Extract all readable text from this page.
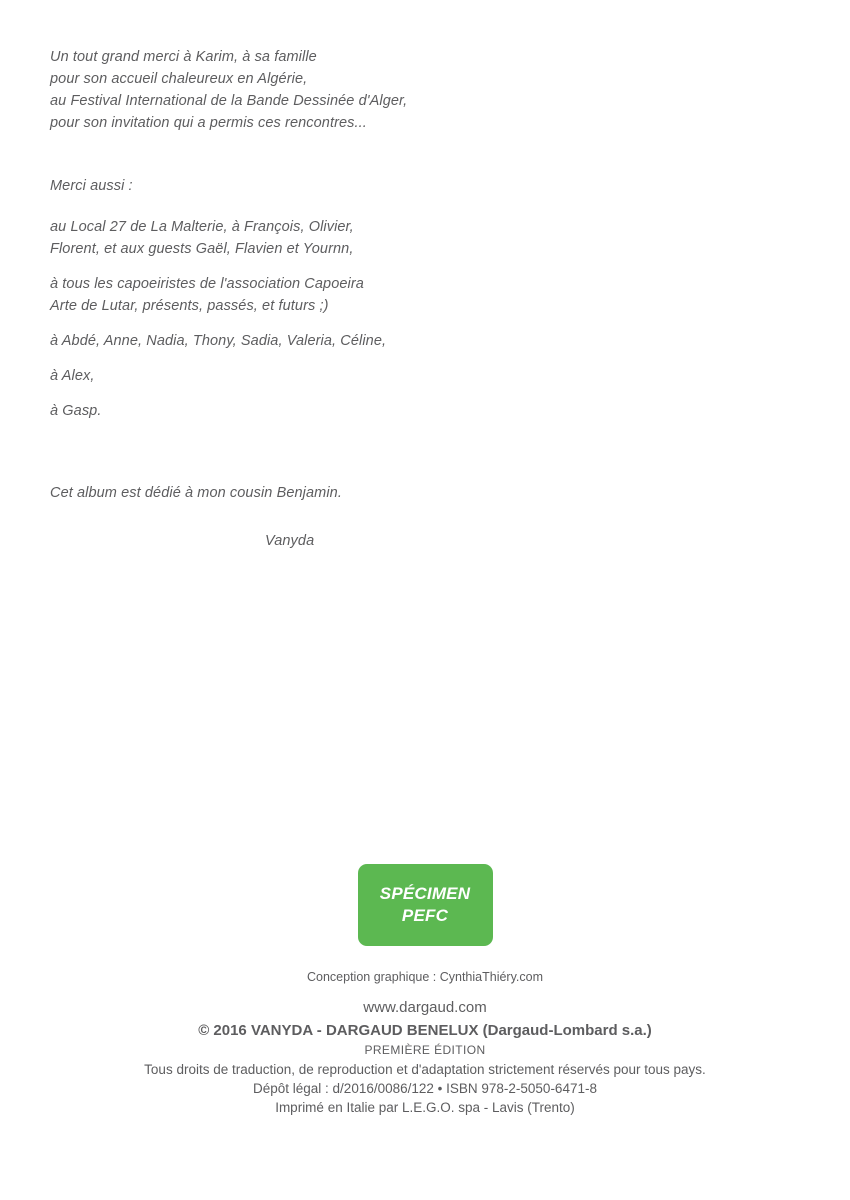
Un tout grand merci à Karim, à sa famille
pour son accueil chaleureux en Algérie,
au Festival International de la Bande Dessinée d'Alger,
pour son invitation qui a permis ces rencontres...
Merci aussi :
au Local 27 de La Malterie, à François, Olivier,
Florent, et aux guests Gaël, Flavien et Yournn,
à tous les capoeiristes de l'association Capoeira
Arte de Lutar, présents, passés, et futurs ;)
à Abdé, Anne, Nadia, Thony, Sadia, Valeria, Céline,
à Alex,
à Gasp.
Cet album est dédié à mon cousin Benjamin.
Vanyda
SPÉCIMEN
PEFC
Conception graphique : CynthiaThiéry.com
www.dargaud.com
© 2016 VANYDA - DARGAUD BENELUX (Dargaud-Lombard s.a.)
PREMIÈRE ÉDITION
Tous droits de traduction, de reproduction et d'adaptation strictement réservés pour tous pays.
Dépôt légal : d/2016/0086/122 • ISBN 978-2-5050-6471-8
Imprimé en Italie par L.E.G.O. spa - Lavis (Trento)
